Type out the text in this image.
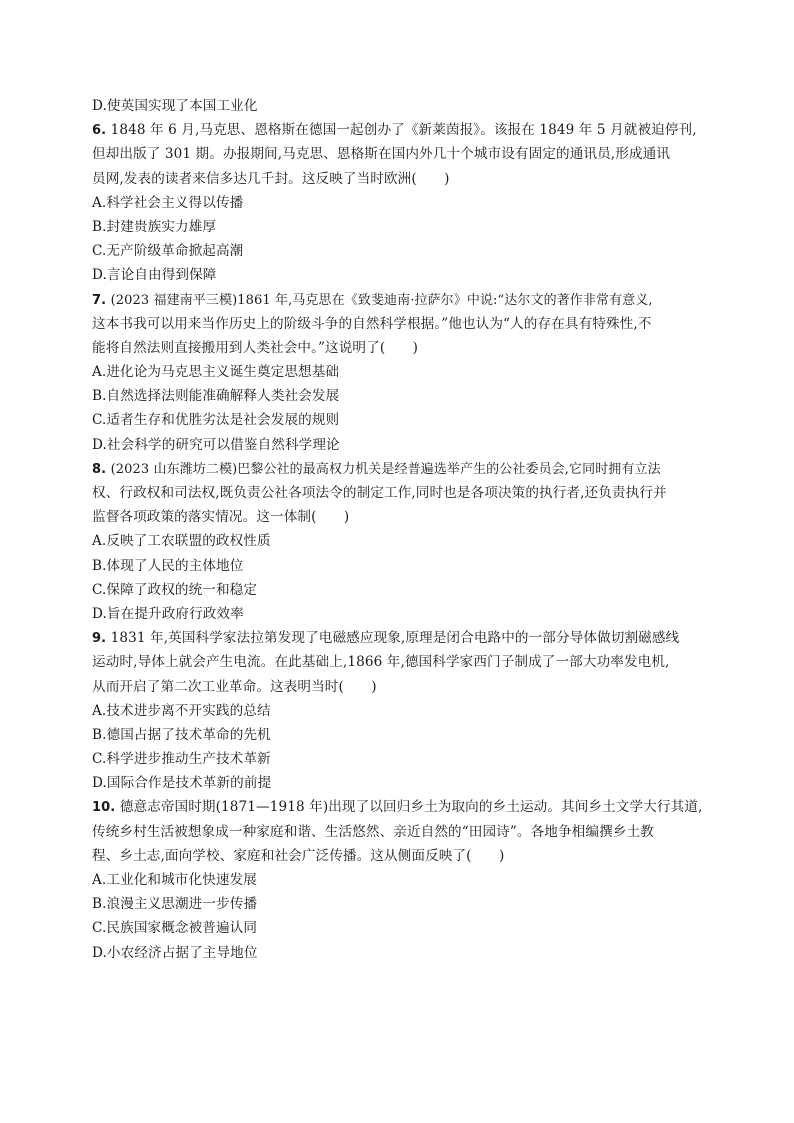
D.使英国实现了本国工业化
6. 1848 年 6 月,马克思、恩格斯在德国一起创办了《新莱茵报》。该报在 1849 年 5 月就被迫停刊,
但却出版了 301 期。办报期间,马克思、恩格斯在国内外几十个城市设有固定的通讯员,形成通讯
员网,发表的读者来信多达几千封。这反映了当时欧洲(　　)
A.科学社会主义得以传播
B.封建贵族实力雄厚
C.无产阶级革命掀起高潮
D.言论自由得到保障
7. (2023 福建南平三模)1861 年,马克思在《致斐迪南·拉萨尔》中说:“达尔文的著作非常有意义,
这本书我可以用来当作历史上的阶级斗争的自然科学根据。”他也认为“人的存在具有特殊性,不
能将自然法则直接搬用到人类社会中。”这说明了(　　)
A.进化论为马克思主义诞生奠定思想基础
B.自然选择法则能准确解释人类社会发展
C.适者生存和优胜劣汰是社会发展的规则
D.社会科学的研究可以借鉴自然科学理论
8. (2023 山东潍坊二模)巴黎公社的最高权力机关是经普遍选举产生的公社委员会,它同时拥有立法
权、行政权和司法权,既负责公社各项法令的制定工作,同时也是各项决策的执行者,还负责执行并
监督各项政策的落实情况。这一体制(　　)
A.反映了工农联盟的政权性质
B.体现了人民的主体地位
C.保障了政权的统一和稳定
D.旨在提升政府行政效率
9. 1831 年,英国科学家法拉第发现了电磁感应现象,原理是闭合电路中的一部分导体做切割磁感线
运动时,导体上就会产生电流。在此基础上,1866 年,德国科学家西门子制成了一部大功率发电机,
从而开启了第二次工业革命。这表明当时(　　)
A.技术进步离不开实践的总结
B.德国占据了技术革命的先机
C.科学进步推动生产技术革新
D.国际合作是技术革新的前提
10. 德意志帝国时期(1871—1918 年)出现了以回归乡土为取向的乡土运动。其间乡土文学大行其道,
传统乡村生活被想象成一种家庭和谐、生活悠然、亲近自然的“田园诗”。各地争相编撰乡土教
程、乡土志,面向学校、家庭和社会广泛传播。这从侧面反映了(　　)
A.工业化和城市化快速发展
B.浪漫主义思潮进一步传播
C.民族国家概念被普遍认同
D.小农经济占据了主导地位
